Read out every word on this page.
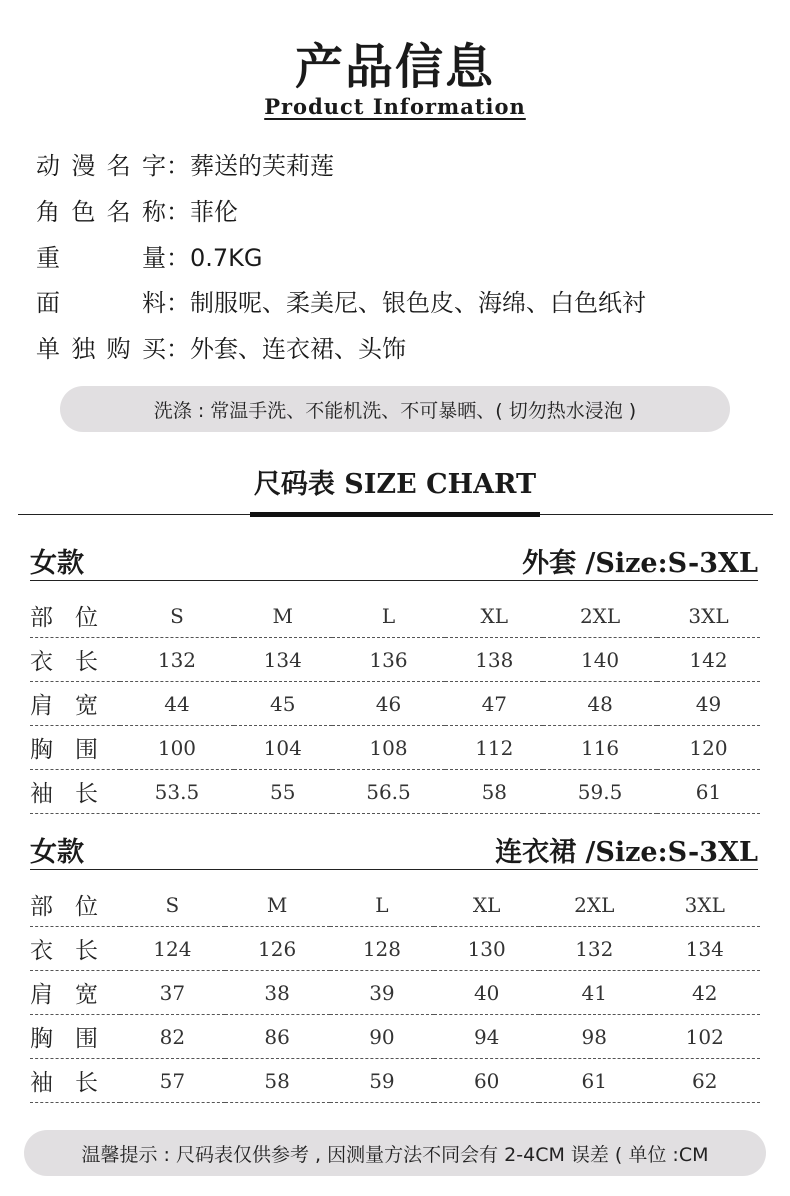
产品信息
Product Information
动 漫 名 字 ： 葬送的芙莉莲
角 色 名 称 ： 菲伦
重	量 ： 0.7KG
面	料 ： 制服呢、柔美尼、银色皮、海绵、白色纸衬
单 独 购 买 ： 外套、连衣裙、头饰
洗涤 : 常温手洗、不能机洗、不可暴晒、( 切勿热水浸泡 )
尺码表 SIZE CHART
女款	外套 /Size:S-3XL
部 位	S	M	L	XL	2XL	3XL
衣 长	132	134	136	138	140	142
肩 宽	44	45	46	47	48	49
胸 围	100	104	108	112	116	120
袖 长	53.5	55	56.5	58	59.5	61
女款	连衣裙 /Size:S-3XL
部 位	S	M	L	XL	2XL	3XL
衣 长	124	126	128	130	132	134
肩 宽	37	38	39	40	41	42
胸 围	82	86	90	94	98	102
袖 长	57	58	59	60	61	62
温馨提示 : 尺码表仅供参考 , 因测量方法不同会有 2-4CM 误差 ( 单位 :CM
